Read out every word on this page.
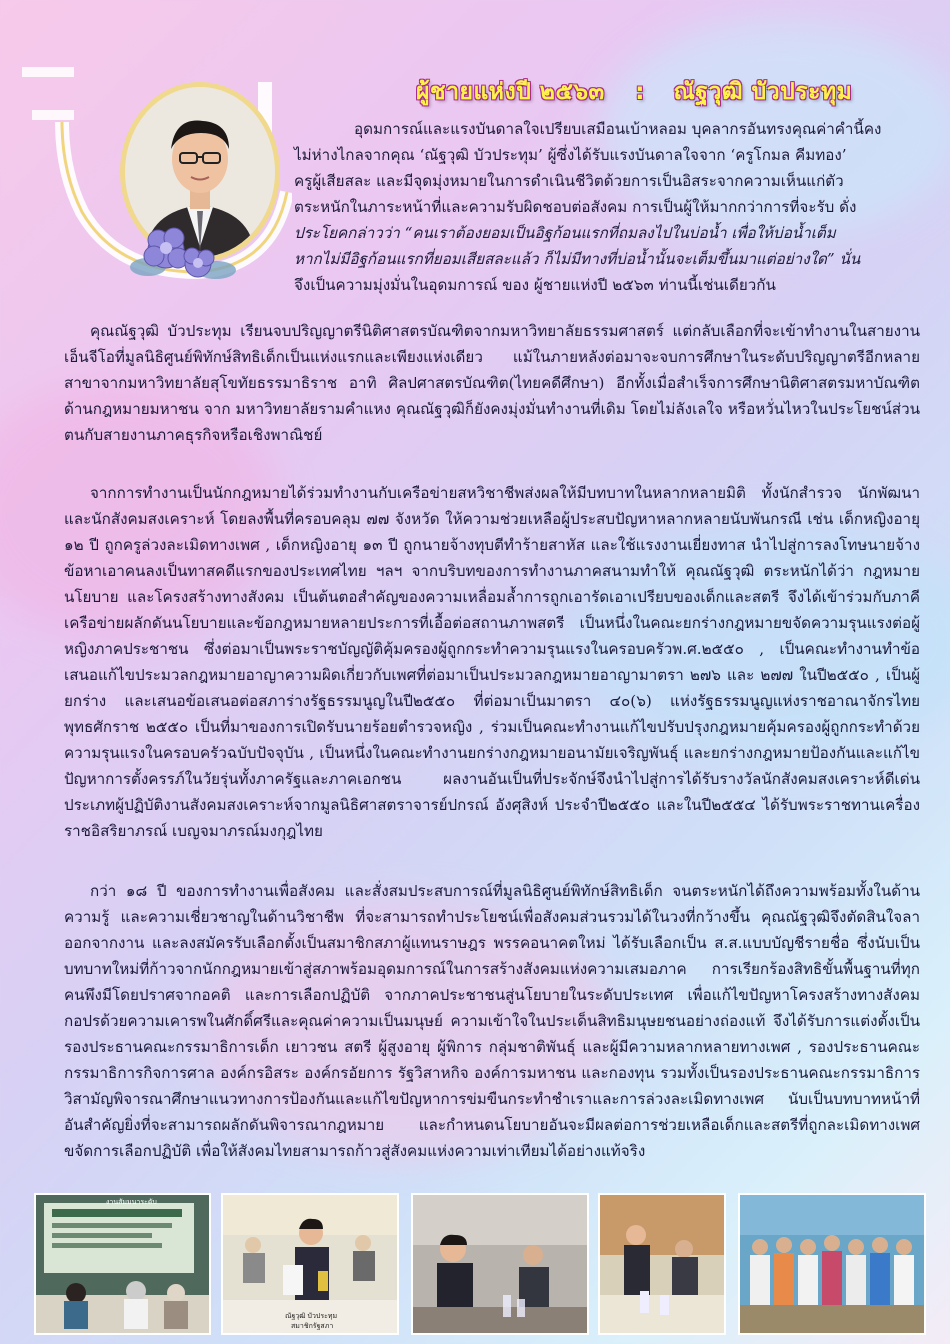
ผู้ชายแห่งปี ๒๕๖๓ : ณัฐวุฒิ บัวประทุม
อุดมการณ์และแรงบันดาลใจเปรียบเสมือนเบ้าหลอม บุคลากรอันทรงคุณค่าคำนี้คง
ไม่ห่างไกลจากคุณ ‘ณัฐวุฒิ บัวประทุม’ ผู้ซึ่งได้รับแรงบันดาลใจจาก ‘ครูโกมล คีมทอง’
ครูผู้เสียสละ และมีจุดมุ่งหมายในการดำเนินชีวิตด้วยการเป็นอิสระจากความเห็นแก่ตัว
ตระหนักในภาระหน้าที่และความรับผิดชอบต่อสังคม การเป็นผู้ให้มากกว่าการที่จะรับ ดั่ง
ประโยคกล่าวว่า “คนเราต้องยอมเป็นอิฐก้อนแรกที่ถมลงไปในบ่อน้ำ เพื่อให้บ่อน้ำเต็ม
หากไม่มีอิฐก้อนแรกที่ยอมเสียสละแล้ว ก็ไม่มีทางที่บ่อน้ำนั้นจะเต็มขึ้นมาแต่อย่างใด” นั่น
จึงเป็นความมุ่งมั่นในอุดมการณ์ ของ ผู้ชายแห่งปี ๒๕๖๓ ท่านนี้เช่นเดียวกัน

คุณณัฐวุฒิ บัวประทุม เรียนจบปริญญาตรีนิติศาสตรบัณฑิตจากมหาวิทยาลัยธรรมศาสตร์ แต่กลับเลือกที่จะเข้าทำงานในสายงานเอ็นจีโอที่มูลนิธิศูนย์พิทักษ์สิทธิเด็กเป็นแห่งแรกและเพียงแห่งเดียว แม้ในภายหลังต่อมาจะจบการศึกษาในระดับปริญญาตรีอีกหลายสาขาจากมหาวิทยาลัยสุโขทัยธรรมาธิราช อาทิ ศิลปศาสตรบัณฑิต(ไทยคดีศึกษา) อีกทั้งเมื่อสำเร็จการศึกษานิติศาสตรมหาบัณฑิต ด้านกฎหมายมหาชน จาก มหาวิทยาลัยรามคำแหง คุณณัฐวุฒิก็ยังคงมุ่งมั่นทำงานที่เดิม โดยไม่ลังเลใจ หรือหวั่นไหวในประโยชน์ส่วนตนกับสายงานภาคธุรกิจหรือเชิงพาณิชย์

จากการทำงานเป็นนักกฎหมายได้ร่วมทำงานกับเครือข่ายสหวิชาชีพส่งผลให้มีบทบาทในหลากหลายมิติ ทั้งนักสำรวจ นักพัฒนา และนักสังคมสงเคราะห์ โดยลงพื้นที่ครอบคลุม ๗๗ จังหวัด ให้ความช่วยเหลือผู้ประสบปัญหาหลากหลายนับพันกรณี เช่น เด็กหญิงอายุ ๑๒ ปี ถูกครูล่วงละเมิดทางเพศ , เด็กหญิงอายุ ๑๓ ปี ถูกนายจ้างทุบตีทำร้ายสาหัส และใช้แรงงานเยี่ยงทาส นำไปสู่การลงโทษนายจ้างข้อหาเอาคนลงเป็นทาสคดีแรกของประเทศไทย ฯลฯ จากบริบทของการทำงานภาคสนามทำให้ คุณณัฐวุฒิ ตระหนักได้ว่า กฎหมาย นโยบาย และโครงสร้างทางสังคม เป็นต้นตอสำคัญของความเหลื่อมล้ำการถูกเอารัดเอาเปรียบของเด็กและสตรี จึงได้เข้าร่วมกับภาคีเครือข่ายผลักดันนโยบายและข้อกฎหมายหลายประการที่เอื้อต่อสถานภาพสตรี เป็นหนึ่งในคณะยกร่างกฎหมายขจัดความรุนแรงต่อผู้หญิงภาคประชาชน ซึ่งต่อมาเป็นพระราชบัญญัติคุ้มครองผู้ถูกกระทำความรุนแรงในครอบครัวพ.ศ.๒๕๕๐ , เป็นคณะทำงานทำข้อเสนอแก้ไขประมวลกฎหมายอาญาความผิดเกี่ยวกับเพศที่ต่อมาเป็นประมวลกฎหมายอาญามาตรา ๒๗๖ และ ๒๗๗ ในปี๒๕๕๐ , เป็นผู้ยกร่าง และเสนอข้อเสนอต่อสภาร่างรัฐธรรมนูญในปี๒๕๕๐ ที่ต่อมาเป็นมาตรา ๔๐(๖) แห่งรัฐธรรมนูญแห่งราชอาณาจักรไทยพุทธศักราช ๒๕๕๐ เป็นที่มาของการเปิดรับนายร้อยตำรวจหญิง , ร่วมเป็นคณะทำงานแก้ไขปรับปรุงกฎหมายคุ้มครองผู้ถูกกระทำด้วยความรุนแรงในครอบครัวฉบับปัจจุบัน , เป็นหนึ่งในคณะทำงานยกร่างกฎหมายอนามัยเจริญพันธุ์ และยกร่างกฎหมายป้องกันและแก้ไขปัญหาการตั้งครรภ์ในวัยรุ่นทั้งภาครัฐและภาคเอกชน ผลงานอันเป็นที่ประจักษ์จึงนำไปสู่การได้รับรางวัลนักสังคมสงเคราะห์ดีเด่น ประเภทผู้ปฏิบัติงานสังคมสงเคราะห์จากมูลนิธิศาสตราจารย์ปกรณ์ อังศุสิงห์ ประจำปี๒๕๕๐ และในปี๒๕๕๔ ได้รับพระราชทานเครื่องราชอิสริยาภรณ์ เบญจมาภรณ์มงกุฎไทย

กว่า ๑๘ ปี ของการทำงานเพื่อสังคม และสั่งสมประสบการณ์ที่มูลนิธิศูนย์พิทักษ์สิทธิเด็ก จนตระหนักได้ถึงความพร้อมทั้งในด้านความรู้ และความเชี่ยวชาญในด้านวิชาชีพ ที่จะสามารถทำประโยชน์เพื่อสังคมส่วนรวมได้ในวงที่กว้างขึ้น คุณณัฐวุฒิจึงตัดสินใจลาออกจากงาน และลงสมัครรับเลือกตั้งเป็นสมาชิกสภาผู้แทนราษฎร พรรคอนาคตใหม่ ได้รับเลือกเป็น ส.ส.แบบบัญชีรายชื่อ ซึ่งนับเป็นบทบาทใหม่ที่ก้าวจากนักกฎหมายเข้าสู่สภาพร้อมอุดมการณ์ในการสร้างสังคมแห่งความเสมอภาค การเรียกร้องสิทธิขั้นพื้นฐานที่ทุกคนพึงมีโดยปราศจากอคติ และการเลือกปฏิบัติ จากภาคประชาชนสู่นโยบายในระดับประเทศ เพื่อแก้ไขปัญหาโครงสร้างทางสังคม กอปรด้วยความเคารพในศักดิ์ศรีและคุณค่าความเป็นมนุษย์ ความเข้าใจในประเด็นสิทธิมนุษยชนอย่างถ่องแท้ จึงได้รับการแต่งตั้งเป็นรองประธานคณะกรรมาธิการเด็ก เยาวชน สตรี ผู้สูงอายุ ผู้พิการ กลุ่มชาติพันธุ์ และผู้มีความหลากหลายทางเพศ , รองประธานคณะกรรมาธิการกิจการศาล องค์กรอิสระ องค์กรอัยการ รัฐวิสาหกิจ องค์การมหาชน และกองทุน รวมทั้งเป็นรองประธานคณะกรรมาธิการวิสามัญพิจารณาศึกษาแนวทางการป้องกันและแก้ไขปัญหาการข่มขืนกระทำชำเราและการล่วงละเมิดทางเพศ นับเป็นบทบาทหน้าที่อันสำคัญยิ่งที่จะสามารถผลักดันพิจารณากฎหมาย และกำหนดนโยบายอันจะมีผลต่อการช่วยเหลือเด็กและสตรีที่ถูกละเมิดทางเพศ ขจัดการเลือกปฏิบัติ เพื่อให้สังคมไทยสามารถก้าวสู่สังคมแห่งความเท่าเทียมได้อย่างแท้จริง

งานสัมมนาระดับ
ณัฐวุฒิ บัวประทุม
สมาชิกรัฐสภา
